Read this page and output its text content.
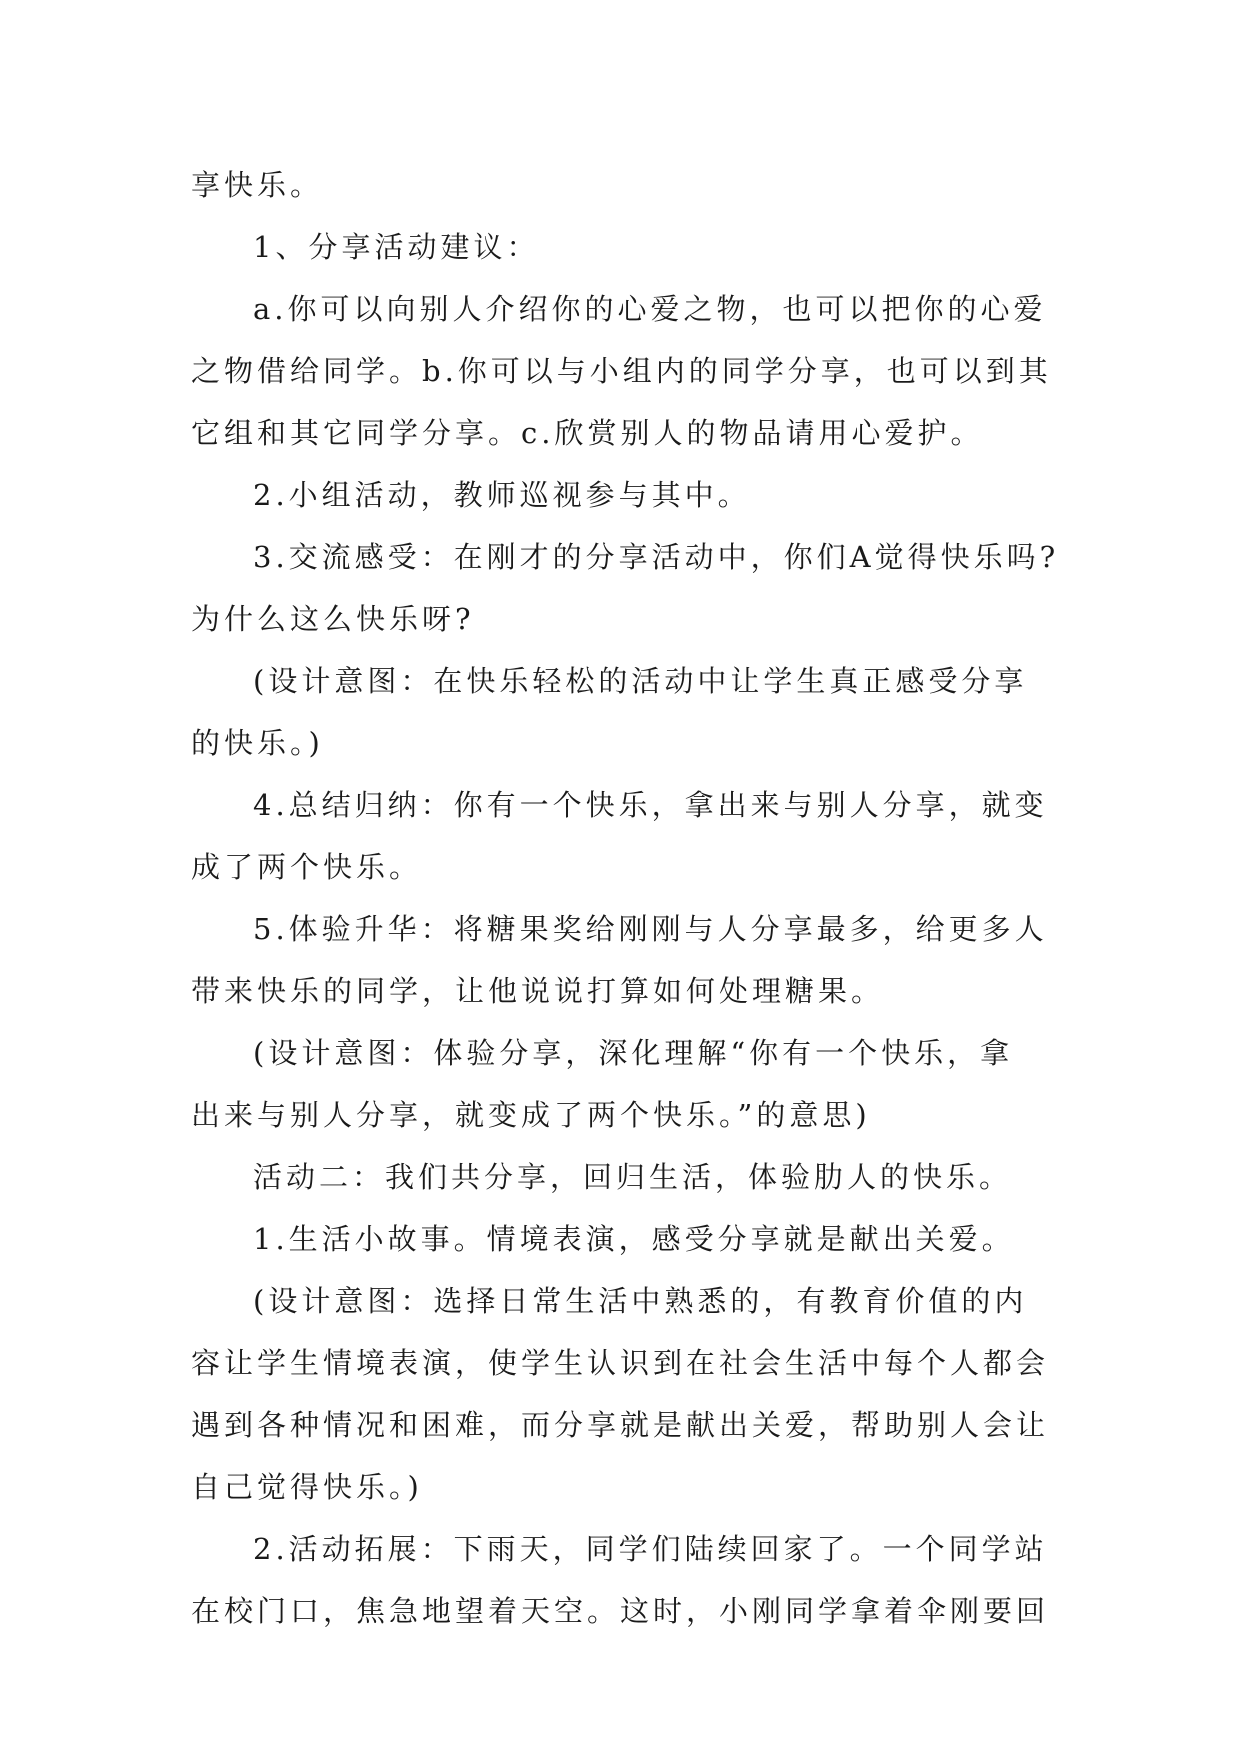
享快乐。
1、分享活动建议：
a.你可以向别人介绍你的心爱之物，也可以把你的心爱
之物借给同学。b.你可以与小组内的同学分享，也可以到其
它组和其它同学分享。c.欣赏别人的物品请用心爱护。
2.小组活动，教师巡视参与其中。
3.交流感受：在刚才的分享活动中，你们A觉得快乐吗?
为什么这么快乐呀?
(设计意图：在快乐轻松的活动中让学生真正感受分享
的快乐。)
4.总结归纳：你有一个快乐，拿出来与别人分享，就变
成了两个快乐。
5.体验升华：将糖果奖给刚刚与人分享最多，给更多人
带来快乐的同学，让他说说打算如何处理糖果。
(设计意图：体验分享，深化理解“你有一个快乐，拿
出来与别人分享，就变成了两个快乐。”的意思)
活动二：我们共分享，回归生活，体验肋人的快乐。
1.生活小故事。情境表演，感受分享就是献出关爱。
(设计意图：选择日常生活中熟悉的，有教育价值的内
容让学生情境表演，使学生认识到在社会生活中每个人都会
遇到各种情况和困难，而分享就是献出关爱，帮助别人会让
自己觉得快乐。)
2.活动拓展：下雨天，同学们陆续回家了。一个同学站
在校门口，焦急地望着天空。这时，小刚同学拿着伞刚要回
